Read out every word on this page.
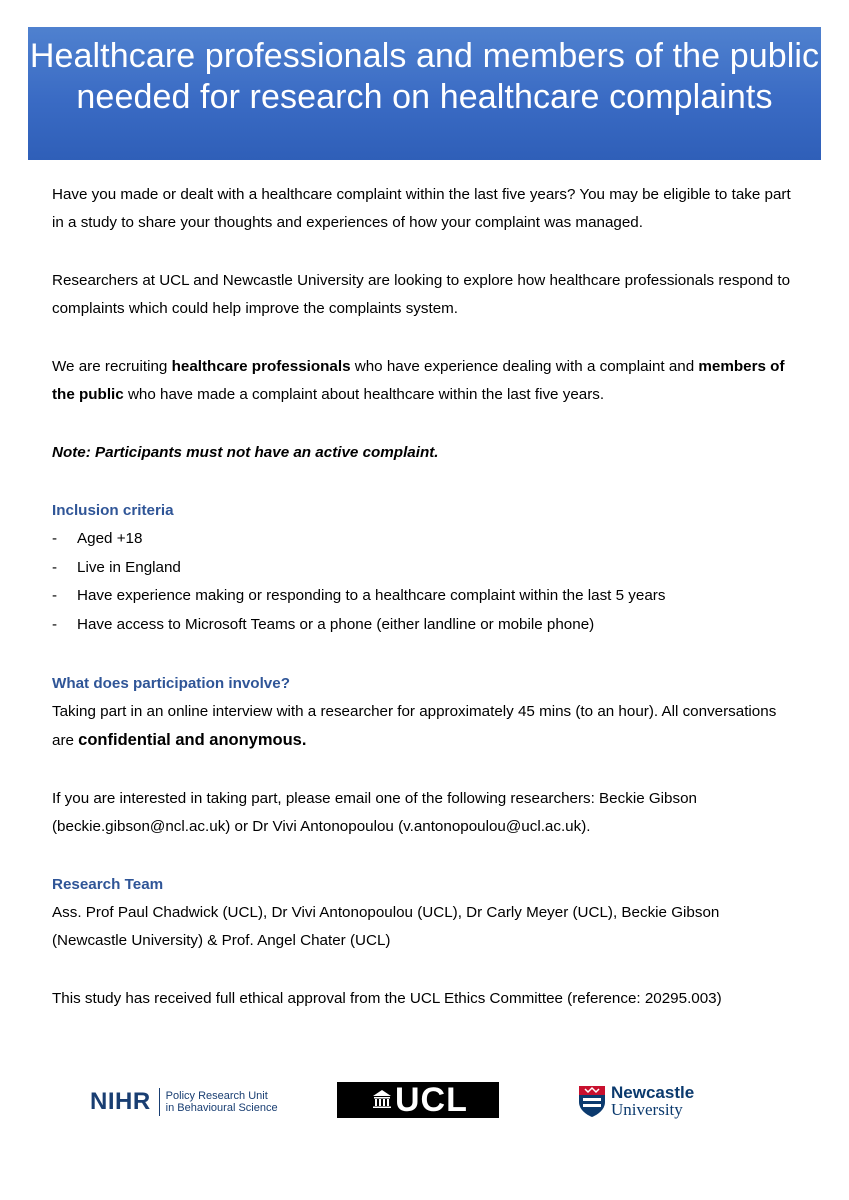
Healthcare professionals and members of the public needed for research on healthcare complaints

Have you made or dealt with a healthcare complaint within the last five years? You may be eligible to take part in a study to share your thoughts and experiences of how your complaint was managed.

Researchers at UCL and Newcastle University are looking to explore how healthcare professionals respond to complaints which could help improve the complaints system.

We are recruiting healthcare professionals who have experience dealing with a complaint and members of the public who have made a complaint about healthcare within the last five years.

Note: Participants must not have an active complaint.

Inclusion criteria

- Aged +18
- Live in England
- Have experience making or responding to a healthcare complaint within the last 5 years
- Have access to Microsoft Teams or a phone (either landline or mobile phone)

What does participation involve?

Taking part in an online interview with a researcher for approximately 45 mins (to an hour). All conversations are confidential and anonymous.

If you are interested in taking part, please email one of the following researchers: Beckie Gibson (beckie.gibson@ncl.ac.uk) or Dr Vivi Antonopoulou (v.antonopoulou@ucl.ac.uk).

Research Team

Ass. Prof Paul Chadwick (UCL), Dr Vivi Antonopoulou (UCL), Dr Carly Meyer (UCL), Beckie Gibson (Newcastle University) & Prof. Angel Chater (UCL)

This study has received full ethical approval from the UCL Ethics Committee (reference: 20295.003)

NIHR Policy Research Unit
in Behavioural Science	UCL	Newcastle
University
